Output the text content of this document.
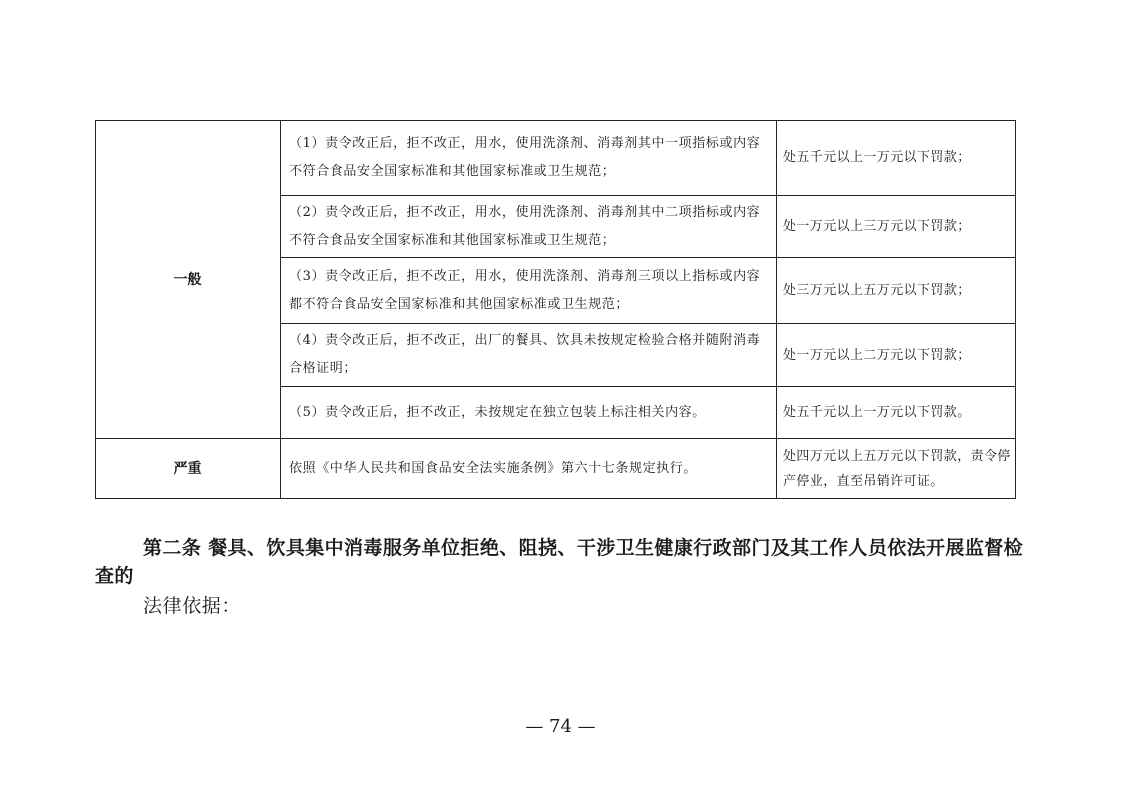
一般
严重
（1）责令改正后，拒不改正，用水，使用洗涤剂、消毒剂其中一项指标或内容不符合食品安全国家标准和其他国家标准或卫生规范；
处五千元以上一万元以下罚款；
（2）责令改正后，拒不改正，用水，使用洗涤剂、消毒剂其中二项指标或内容不符合食品安全国家标准和其他国家标准或卫生规范；
处一万元以上三万元以下罚款；
（3）责令改正后，拒不改正，用水，使用洗涤剂、消毒剂三项以上指标或内容都不符合食品安全国家标准和其他国家标准或卫生规范；
处三万元以上五万元以下罚款；
（4）责令改正后，拒不改正，出厂的餐具、饮具未按规定检验合格并随附消毒合格证明；
处一万元以上二万元以下罚款；
（5）责令改正后，拒不改正，未按规定在独立包装上标注相关内容。	处五千元以上一万元以下罚款。
依照《中华人民共和国食品安全法实施条例》第六十七条规定执行。
处四万元以上五万元以下罚款，责令停产停业，直至吊销许可证。

第二条 餐具、饮具集中消毒服务单位拒绝、阻挠、干涉卫生健康行政部门及其工作人员依法开展监督检查的

法律依据：

— 74 —
